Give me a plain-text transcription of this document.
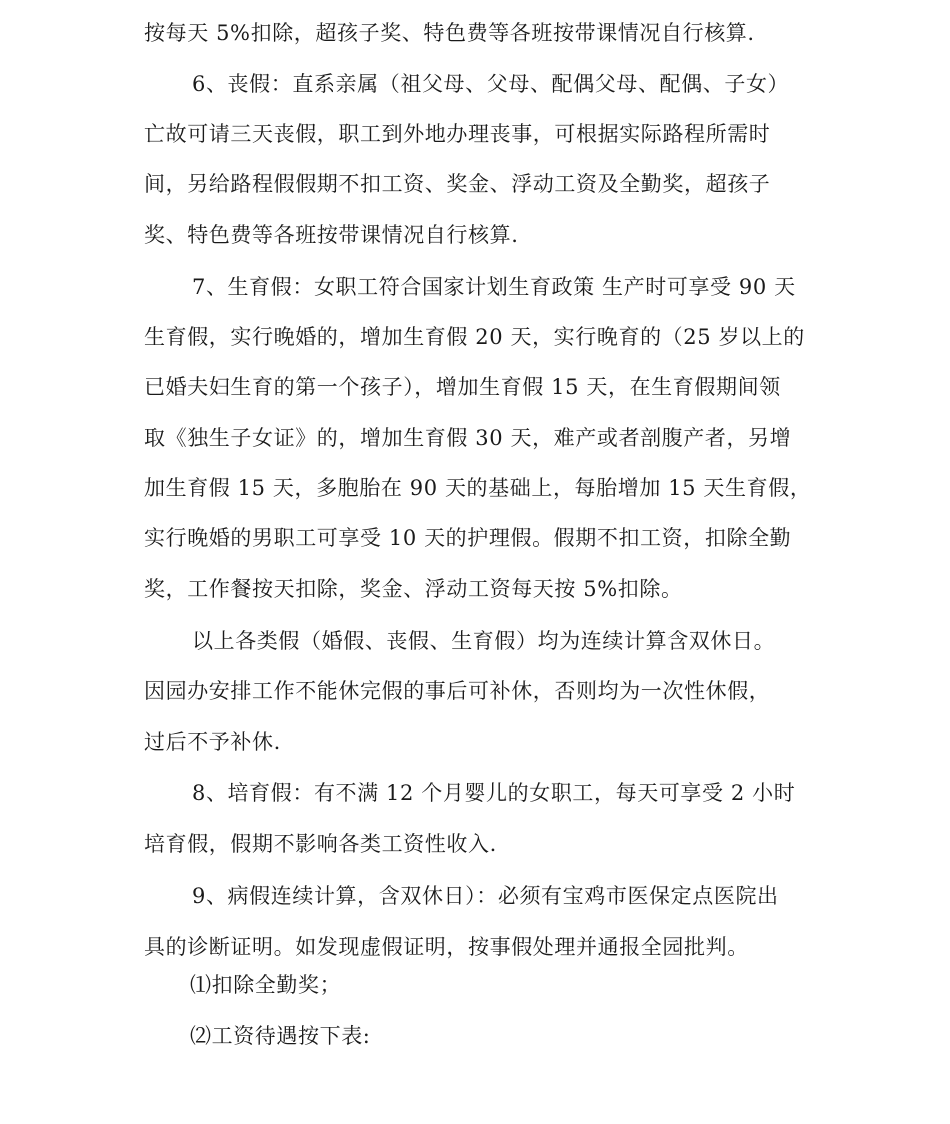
按每天 5%扣除，超孩子奖、特色费等各班按带课情况自行核算.
6、丧假：直系亲属（祖父母、父母、配偶父母、配偶、子女）
亡故可请三天丧假，职工到外地办理丧事，可根据实际路程所需时
间，另给路程假假期不扣工资、奖金、浮动工资及全勤奖，超孩子
奖、特色费等各班按带课情况自行核算.
7、生育假：女职工符合国家计划生育政策 生产时可享受 90 天
生育假，实行晚婚的，增加生育假 20 天，实行晚育的（25 岁以上的
已婚夫妇生育的第一个孩子），增加生育假 15 天，在生育假期间领
取《独生子女证》的，增加生育假 30 天，难产或者剖腹产者，另增
加生育假 15 天，多胞胎在 90 天的基础上，每胎增加 15 天生育假，
实行晚婚的男职工可享受 10 天的护理假。假期不扣工资，扣除全勤
奖，工作餐按天扣除，奖金、浮动工资每天按 5%扣除。
以上各类假（婚假、丧假、生育假）均为连续计算含双休日。
因园办安排工作不能休完假的事后可补休，否则均为一次性休假，
过后不予补休.
8、培育假：有不满 12 个月婴儿的女职工，每天可享受 2 小时
培育假，假期不影响各类工资性收入.
9、病假连续计算，含双休日）：必须有宝鸡市医保定点医院出
具的诊断证明。如发现虚假证明，按事假处理并通报全园批判。
⑴扣除全勤奖；
⑵工资待遇按下表:
